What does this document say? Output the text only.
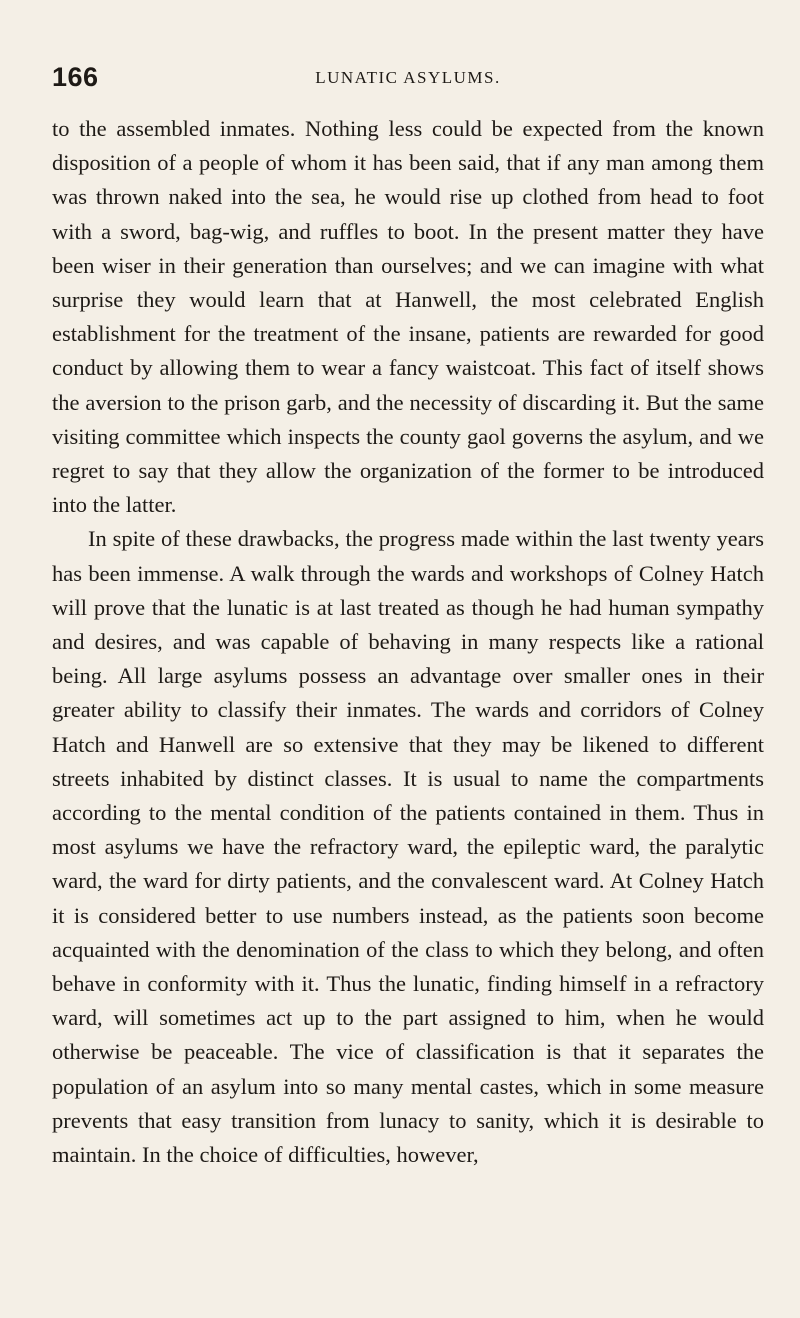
166	LUNATIC ASYLUMS.

to the assembled inmates. Nothing less could be expected from the known disposition of a people of whom it has been said, that if any man among them was thrown naked into the sea, he would rise up clothed from head to foot with a sword, bag-wig, and ruffles to boot. In the present matter they have been wiser in their generation than ourselves; and we can imagine with what surprise they would learn that at Hanwell, the most celebrated English establishment for the treatment of the insane, patients are rewarded for good conduct by allowing them to wear a fancy waistcoat. This fact of itself shows the aversion to the prison garb, and the necessity of discarding it. But the same visiting committee which inspects the county gaol governs the asylum, and we regret to say that they allow the organization of the former to be introduced into the latter.

In spite of these drawbacks, the progress made within the last twenty years has been immense. A walk through the wards and workshops of Colney Hatch will prove that the lunatic is at last treated as though he had human sympathy and desires, and was capable of behaving in many respects like a rational being. All large asylums possess an advantage over smaller ones in their greater ability to classify their inmates. The wards and corridors of Colney Hatch and Hanwell are so extensive that they may be likened to different streets inhabited by distinct classes. It is usual to name the compartments according to the mental condition of the patients contained in them. Thus in most asylums we have the refractory ward, the epileptic ward, the paralytic ward, the ward for dirty patients, and the convalescent ward. At Colney Hatch it is considered better to use numbers instead, as the patients soon become acquainted with the denomination of the class to which they belong, and often behave in conformity with it. Thus the lunatic, finding himself in a refractory ward, will sometimes act up to the part assigned to him, when he would otherwise be peaceable. The vice of classification is that it separates the population of an asylum into so many mental castes, which in some measure prevents that easy transition from lunacy to sanity, which it is desirable to maintain. In the choice of difficulties, however,
